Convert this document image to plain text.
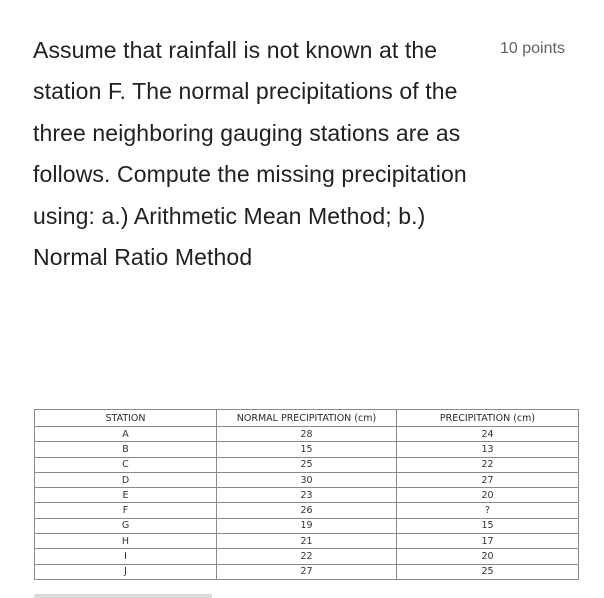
Assume that rainfall is not known at the station F. The normal precipitations of the three neighboring gauging stations are as follows. Compute the missing precipitation using: a.) Arithmetic Mean Method; b.) Normal Ratio Method

10 points
STATION	NORMAL PRECIPITATION (cm)	PRECIPITATION (cm)
A	28	24
B	15	13
C	25	22
D	30	27
E	23	20
F	26	?
G	19	15
H	21	17
I	22	20
J	27	25
